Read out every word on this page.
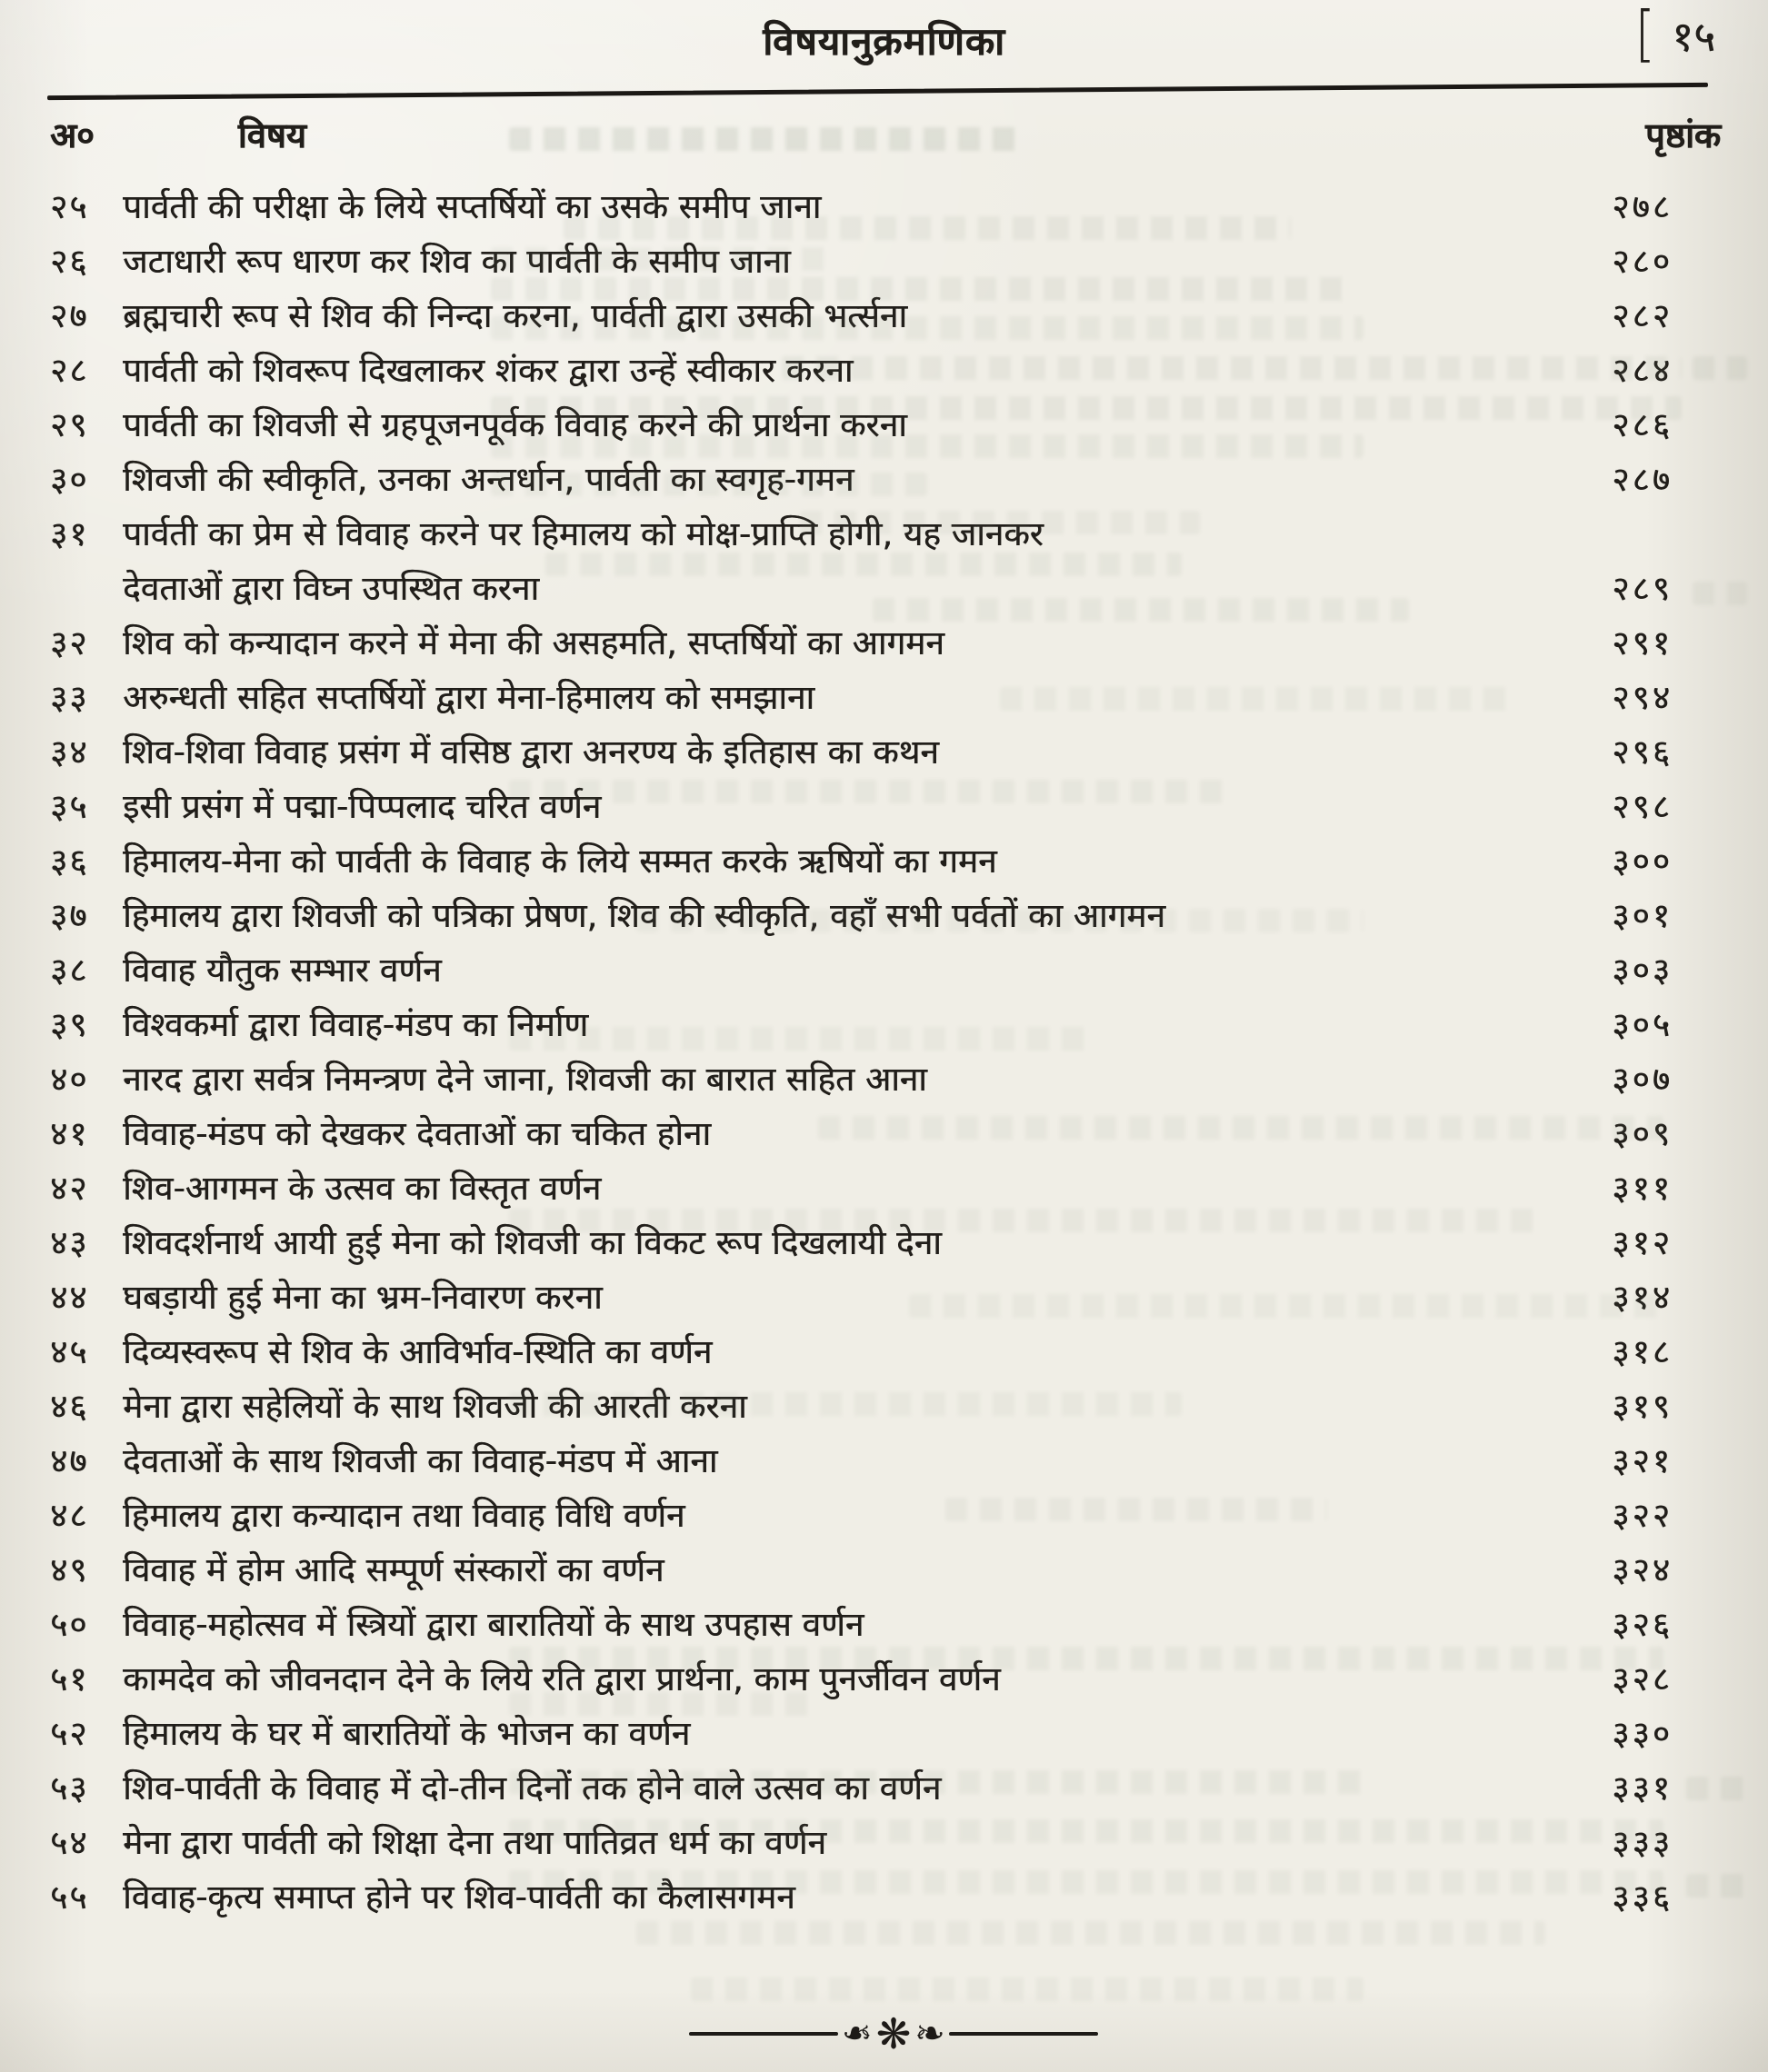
विषयानुक्रमणिका	[ १५
अ०	विषय	पृष्ठांक
२५	पार्वती की परीक्षा के लिये सप्तर्षियों का उसके समीप जाना	२७८
२६	जटाधारी रूप धारण कर शिव का पार्वती के समीप जाना	२८०
२७	ब्रह्मचारी रूप से शिव की निन्दा करना, पार्वती द्वारा उसकी भर्त्सना	२८२
२८	पार्वती को शिवरूप दिखलाकर शंकर द्वारा उन्हें स्वीकार करना	२८४
२९	पार्वती का शिवजी से ग्रहपूजनपूर्वक विवाह करने की प्रार्थना करना	२८६
३०	शिवजी की स्वीकृति, उनका अन्तर्धान, पार्वती का स्वगृह-गमन	२८७
३१	पार्वती का प्रेम से विवाह करने पर हिमालय को मोक्ष-प्राप्ति होगी, यह जानकर
देवताओं द्वारा विघ्न उपस्थित करना	२८९
३२	शिव को कन्यादान करने में मेना की असहमति, सप्तर्षियों का आगमन	२९१
३३	अरुन्धती सहित सप्तर्षियों द्वारा मेना-हिमालय को समझाना	२९४
३४	शिव-शिवा विवाह प्रसंग में वसिष्ठ द्वारा अनरण्य के इतिहास का कथन	२९६
३५	इसी प्रसंग में पद्मा-पिप्पलाद चरित वर्णन	२९८
३६	हिमालय-मेना को पार्वती के विवाह के लिये सम्मत करके ऋषियों का गमन	३००
३७	हिमालय द्वारा शिवजी को पत्रिका प्रेषण, शिव की स्वीकृति, वहाँ सभी पर्वतों का आगमन	३०१
३८	विवाह यौतुक सम्भार वर्णन	३०३
३९	विश्वकर्मा द्वारा विवाह-मंडप का निर्माण	३०५
४०	नारद द्वारा सर्वत्र निमन्त्रण देने जाना, शिवजी का बारात सहित आना	३०७
४१	विवाह-मंडप को देखकर देवताओं का चकित होना	३०९
४२	शिव-आगमन के उत्सव का विस्तृत वर्णन	३११
४३	शिवदर्शनार्थ आयी हुई मेना को शिवजी का विकट रूप दिखलायी देना	३१२
४४	घबड़ायी हुई मेना का भ्रम-निवारण करना	३१४
४५	दिव्यस्वरूप से शिव के आविर्भाव-स्थिति का वर्णन	३१८
४६	मेना द्वारा सहेलियों के साथ शिवजी की आरती करना	३१९
४७	देवताओं के साथ शिवजी का विवाह-मंडप में आना	३२१
४८	हिमालय द्वारा कन्यादान तथा विवाह विधि वर्णन	३२२
४९	विवाह में होम आदि सम्पूर्ण संस्कारों का वर्णन	३२४
५०	विवाह-महोत्सव में स्त्रियों द्वारा बारातियों के साथ उपहास वर्णन	३२६
५१	कामदेव को जीवनदान देने के लिये रति द्वारा प्रार्थना, काम पुनर्जीवन वर्णन	३२८
५२	हिमालय के घर में बारातियों के भोजन का वर्णन	३३०
५३	शिव-पार्वती के विवाह में दो-तीन दिनों तक होने वाले उत्सव का वर्णन	३३१
५४	मेना द्वारा पार्वती को शिक्षा देना तथा पातिव्रत धर्म का वर्णन	३३३
५५	विवाह-कृत्य समाप्त होने पर शिव-पार्वती का कैलासगमन	३३६
❧ ❋ ❧
